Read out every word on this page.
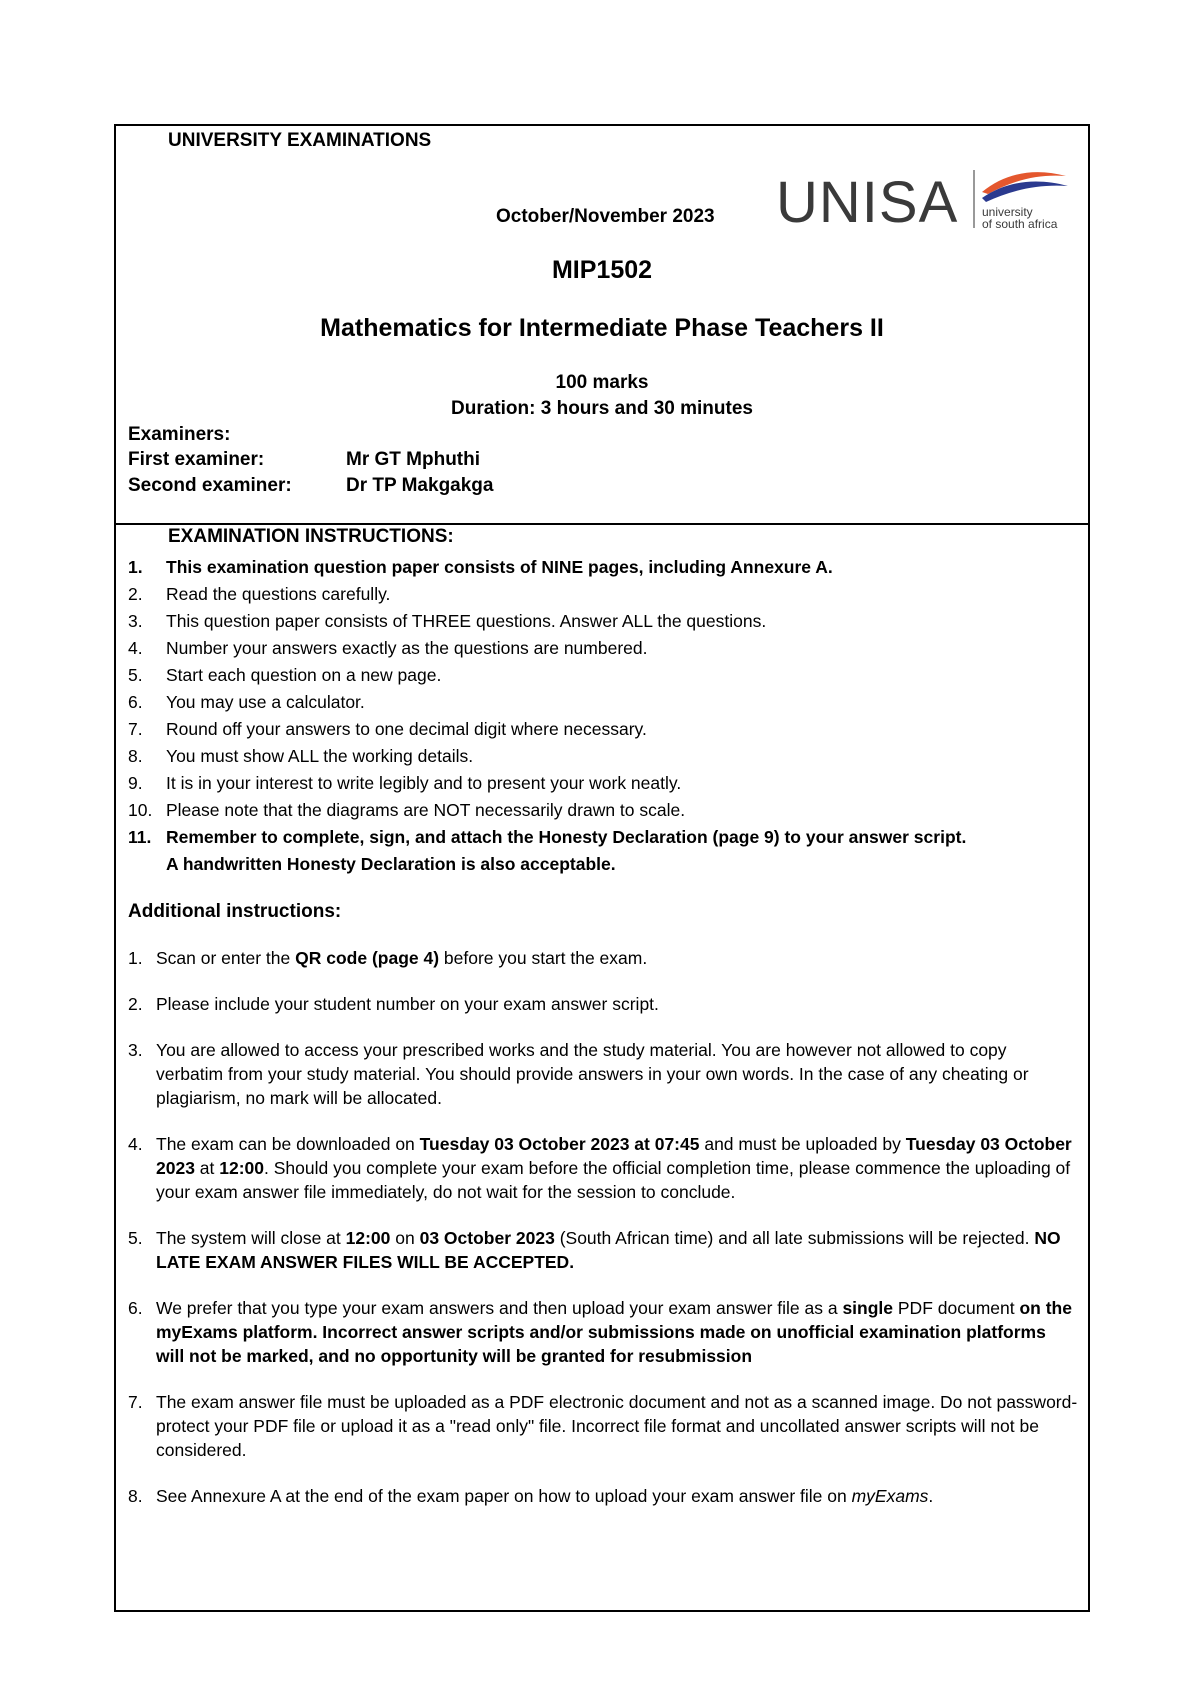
UNIVERSITY EXAMINATIONS
October/November 2023 UNISA university
of south africa
MIP1502
Mathematics for Intermediate Phase Teachers II
100 marks
Duration: 3 hours and 30 minutes
Examiners:
First examiner:	Mr GT Mphuthi
Second examiner:	Dr TP Makgakga
EXAMINATION INSTRUCTIONS:
1. This examination question paper consists of NINE pages, including Annexure A.
2. Read the questions carefully.
3. This question paper consists of THREE questions. Answer ALL the questions.
4. Number your answers exactly as the questions are numbered.
5. Start each question on a new page.
6. You may use a calculator.
7. Round off your answers to one decimal digit where necessary.
8. You must show ALL the working details.
9. It is in your interest to write legibly and to present your work neatly.
10. Please note that the diagrams are NOT necessarily drawn to scale.
11. Remember to complete, sign, and attach the Honesty Declaration (page 9) to your answer script.
A handwritten Honesty Declaration is also acceptable.
Additional instructions:
1. Scan or enter the QR code (page 4) before you start the exam.
2. Please include your student number on your exam answer script.
3. You are allowed to access your prescribed works and the study material. You are however not allowed to copy verbatim from your study material. You should provide answers in your own words. In the case of any cheating or plagiarism, no mark will be allocated.
4. The exam can be downloaded on Tuesday 03 October 2023 at 07:45 and must be uploaded by Tuesday 03 October 2023 at 12:00. Should you complete your exam before the official completion time, please commence the uploading of your exam answer file immediately, do not wait for the session to conclude.
5. The system will close at 12:00 on 03 October 2023 (South African time) and all late submissions will be rejected. NO LATE EXAM ANSWER FILES WILL BE ACCEPTED.
6. We prefer that you type your exam answers and then upload your exam answer file as a single PDF document on the myExams platform. Incorrect answer scripts and/or submissions made on unofficial examination platforms will not be marked, and no opportunity will be granted for resubmission
7. The exam answer file must be uploaded as a PDF electronic document and not as a scanned image. Do not password-protect your PDF file or upload it as a "read only" file. Incorrect file format and uncollated answer scripts will not be considered.
8. See Annexure A at the end of the exam paper on how to upload your exam answer file on myExams.
